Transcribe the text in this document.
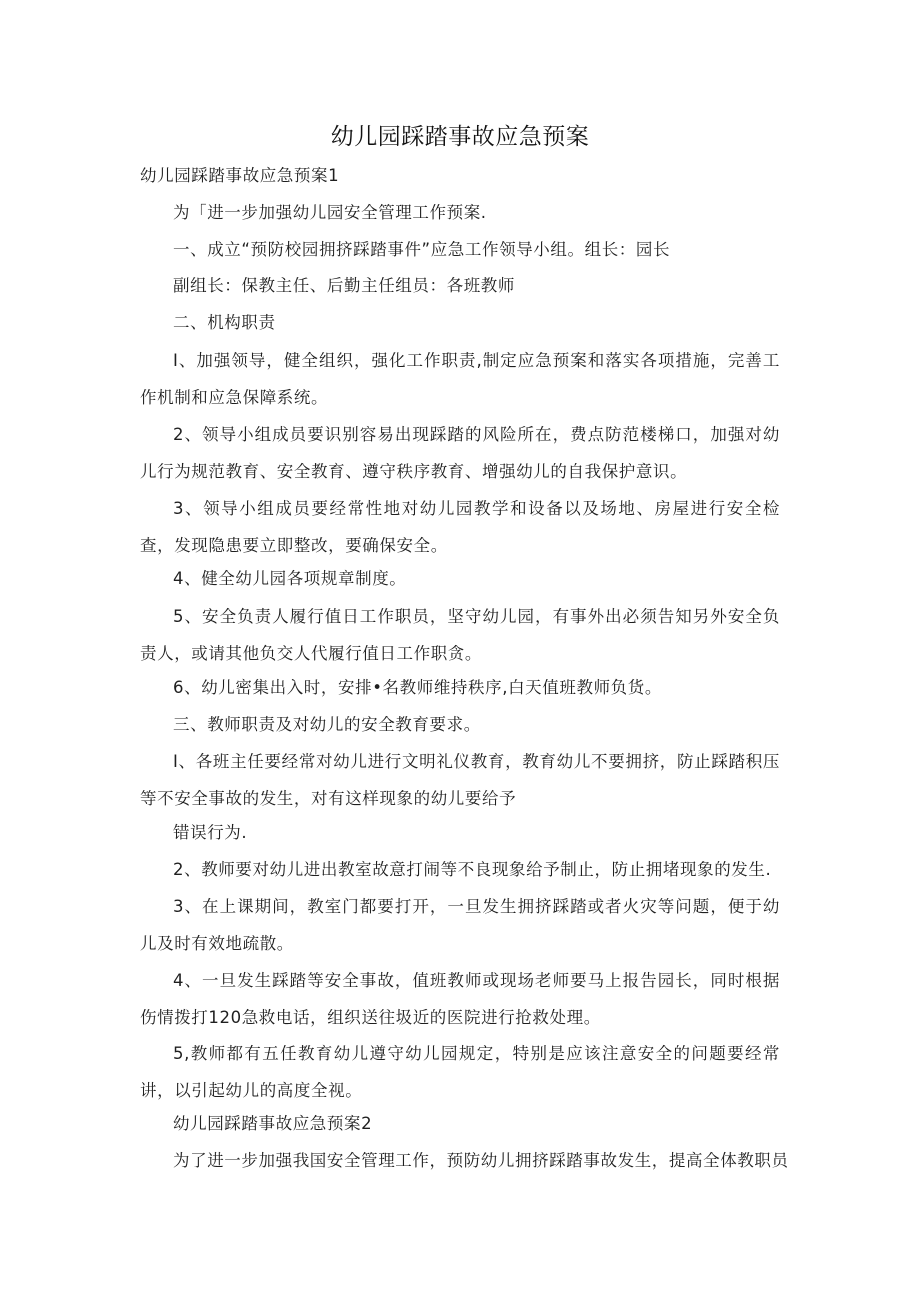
幼儿园踩踏事故应急预案
幼儿园踩踏事故应急预案1
为「进一步加强幼儿园安全管理工作预案.
一、成立“预防校园拥挤踩踏事件”应急工作领导小组。组长：园长
副组长：保教主任、后勤主任组员：各班教师
二、机构职责
I、加强领导，健全组织，强化工作职责,制定应急预案和落实各项措施，完善工作机制和应急保障系统。
2、领导小组成员要识别容易出现踩踏的风险所在，费点防范楼梯口，加强对幼儿行为规范教育、安全教育、遵守秩序教育、增强幼儿的自我保护意识。
3、领导小组成员要经常性地对幼儿园教学和设备以及场地、房屋进行安全检查，发现隐患要立即整改，要确保安全。
4、健全幼儿园各项规章制度。
5、安全负责人履行值日工作职员，坚守幼儿园，有事外出必须告知另外安全负责人，或请其他负交人代履行值日工作职贪。
6、幼儿密集出入时，安排•名教师维持秩序,白天值班教师负货。
三、教师职责及对幼儿的安全教育要求。
I、各班主任要经常对幼儿进行文明礼仪教育，教育幼儿不要拥挤，防止踩踏积压等不安全事故的发生，对有这样现象的幼儿要给予
错误行为.
2、教师要对幼儿进出教室故意打闹等不良现象给予制止，防止拥堵现象的发生.
3、在上课期间，教室门都要打开，一旦发生拥挤踩踏或者火灾等问题，便于幼儿及时有效地疏散。
4、一旦发生踩踏等安全事故，值班教师或现场老师要马上报告园长，同时根据伤情拨打120急救电话，组织送往圾近的医院进行抢救处理。
5,教师都有五任教育幼儿遵守幼儿园规定，特别是应该注意安全的问题要经常讲，以引起幼儿的高度全视。
幼儿园踩踏事故应急预案2
为了进一步加强我国安全管理工作，预防幼儿拥挤踩踏事故发生，提高全体教职员
